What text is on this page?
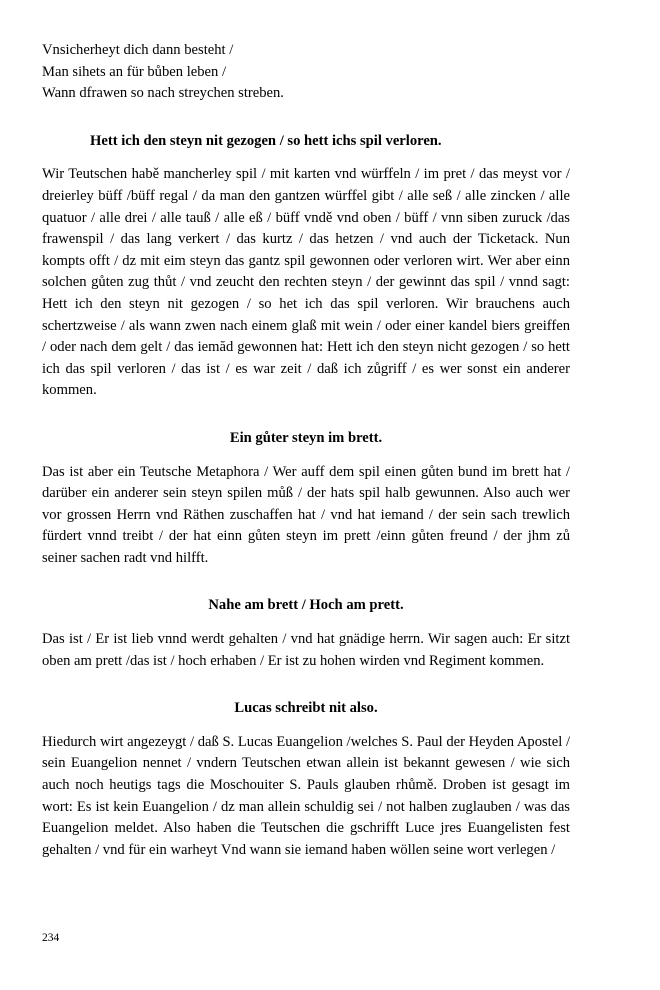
Vnsicherheyt dich dann besteht /
Man sihets an für bůben leben /
Wann dfrawen so nach streychen streben.
Hett ich den steyn nit gezogen / so hett ichs spil verloren.

Wir Teutschen habě mancherley spil / mit karten vnd würffeln / im pret / das meyst vor / dreierley büff /büff regal / da man den gantzen würffel gibt / alle seß / alle zincken / alle quatuor / alle drei / alle tauß / alle eß / büff vndě vnd oben / büff / vnn siben zuruck /das frawenspil / das lang verkert / das kurtz / das hetzen / vnd auch der Ticketack. Nun kompts offt / dz mit eim steyn das gantz spil gewonnen oder verloren wirt. Wer aber einn solchen gůten zug thůt / vnd zeucht den rechten steyn / der gewinnt das spil / vnnd sagt: Hett ich den steyn nit gezogen / so het ich das spil verloren. Wir brauchens auch schertzweise / als wann zwen nach einem glaß mit wein / oder einer kandel biers greiffen / oder nach dem gelt / das iemăd gewonnen hat: Hett ich den steyn nicht gezogen / so hett ich das spil verloren / das ist / es war zeit / daß ich zůgriff / es wer sonst ein anderer kommen.

Ein gůter steyn im brett.

Das ist aber ein Teutsche Metaphora / Wer auff dem spil einen gůten bund im brett hat / darüber ein anderer sein steyn spilen můß / der hats spil halb gewunnen. Also auch wer vor grossen Herrn vnd Räthen zuschaffen hat / vnd hat iemand / der sein sach trewlich fürdert vnnd treibt / der hat einn gůten steyn im prett /einn gůten freund / der jhm zů seiner sachen radt vnd hilfft.

Nahe am brett / Hoch am prett.

Das ist / Er ist lieb vnnd werdt gehalten / vnd hat gnädige herrn. Wir sagen auch: Er sitzt oben am prett /das ist / hoch erhaben / Er ist zu hohen wirden vnd Regiment kommen.

Lucas schreibt nit also.

Hiedurch wirt angezeygt / daß S. Lucas Euangelion /welches S. Paul der Heyden Apostel / sein Euangelion nennet / vndern Teutschen etwan allein ist bekannt gewesen / wie sich auch noch heutigs tags die Moschouiter S. Pauls glauben rhůmě. Droben ist gesagt im wort: Es ist kein Euangelion / dz man allein schuldig sei / not halben zuglauben / was das Euangelion meldet. Also haben die Teutschen die gschrifft Luce jres Euangelisten fest gehalten / vnd für ein warheyt Vnd wann sie iemand haben wöllen seine wort verlegen /

234
